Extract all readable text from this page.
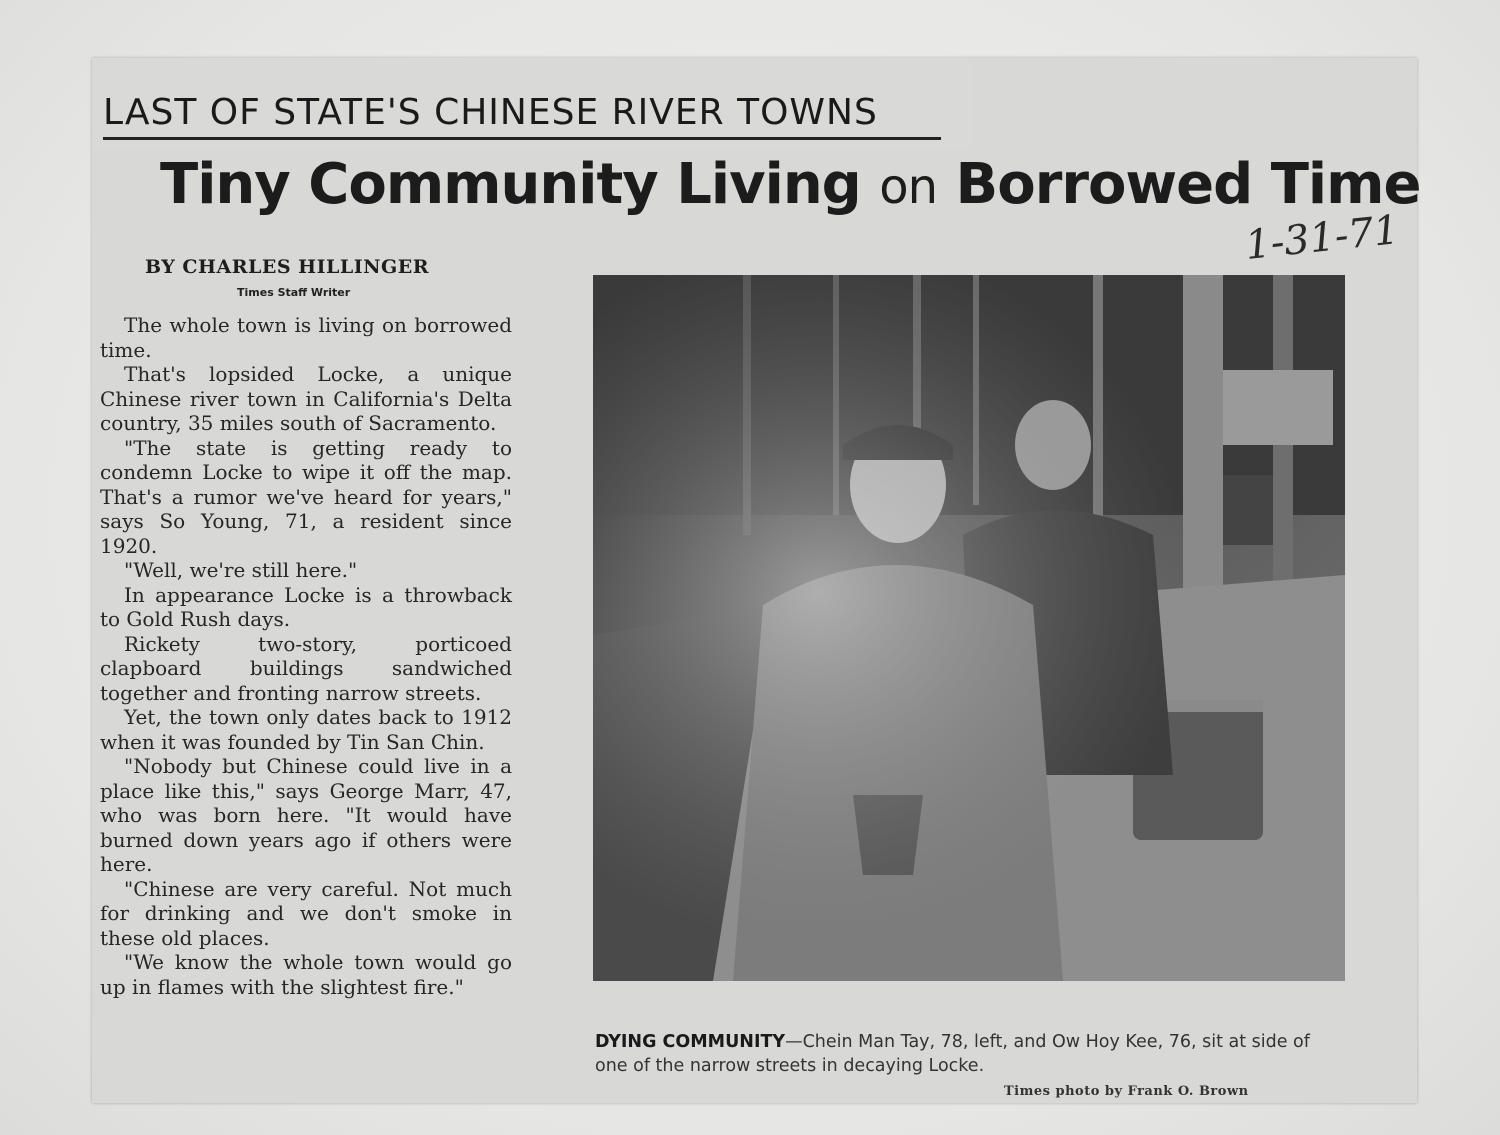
LAST OF STATE'S CHINESE RIVER TOWNS
Tiny Community Living on Borrowed Time
1-31-71
BY CHARLES HILLINGER
Times Staff Writer

The whole town is living on borrowed time.

That's lopsided Locke, a unique Chinese river town in California's Delta country, 35 miles south of Sacramento.

"The state is getting ready to condemn Locke to wipe it off the map. That's a rumor we've heard for years," says So Young, 71, a resident since 1920.

"Well, we're still here."

In appearance Locke is a throwback to Gold Rush days.

Rickety two-story, porticoed clapboard buildings sandwiched together and fronting narrow streets.

Yet, the town only dates back to 1912 when it was founded by Tin San Chin.

"Nobody but Chinese could live in a place like this," says George Marr, 47, who was born here. "It would have burned down years ago if others were here.

"Chinese are very careful. Not much for drinking and we don't smoke in these old places.

"We know the whole town would go up in flames with the slightest fire."

DYING COMMUNITY—Chein Man Tay, 78, left, and Ow Hoy Kee, 76, sit at side of one of the narrow streets in decaying Locke.
Times photo by Frank O. Brown
